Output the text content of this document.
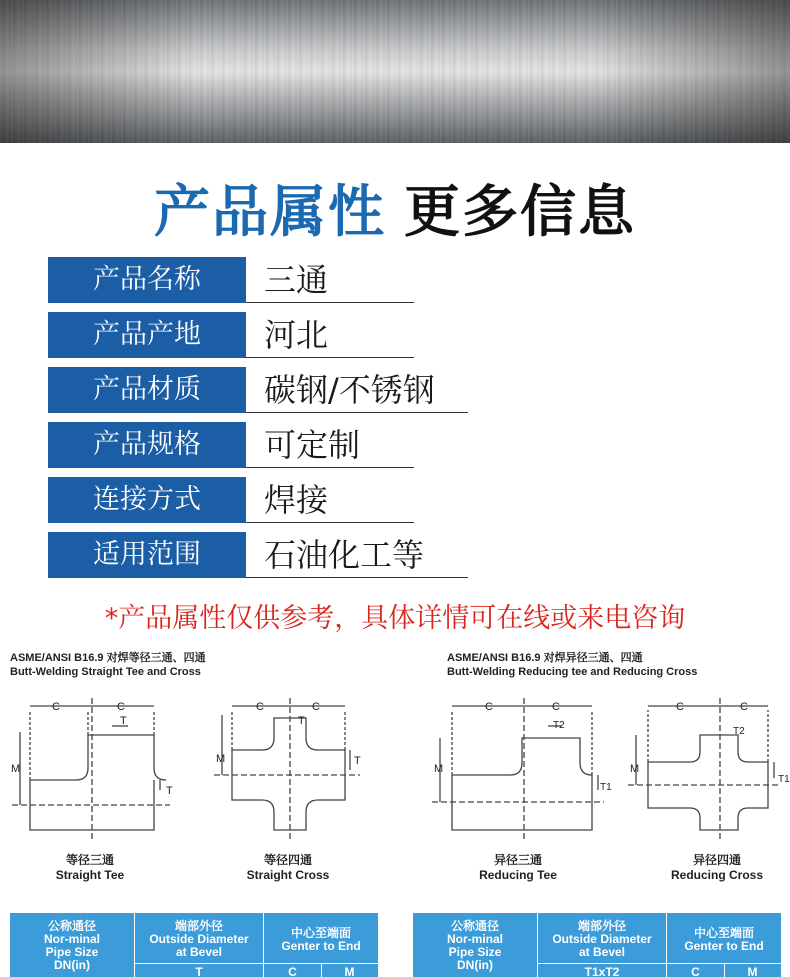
产品属性 更多信息
产品名称	三通
产品产地	河北
产品材质	碳钢/不锈钢
产品规格	可定制
连接方式	焊接
适用范围	石油化工等
*产品属性仅供参考，具体详情可在线或来电咨询
ASME/ANSI B16.9 对焊等径三通、四通
Butt-Welding Straight Tee and Cross
ASME/ANSI B16.9 对焊异径三通、四通
Butt-Welding Reducing tee and Reducing Cross
C	C
T
M
T
C	C
T
M	T
C	C
T2
M
T1
C	C
T2
M
T1
等径三通
Straight Tee
等径四通
Straight Cross
异径三通
Reducing Tee
异径四通
Reducing Cross
公称通径
Nor-minal
Pipe Size
DN(in)
端部外径
Outside Diameter
at Bevel
中心至端面
Genter to End
T	C	M
公称通径
Nor-minal
Pipe Size
DN(in)
端部外径
Outside Diameter
at Bevel
中心至端面
Genter to End
T1xT2	C	M
